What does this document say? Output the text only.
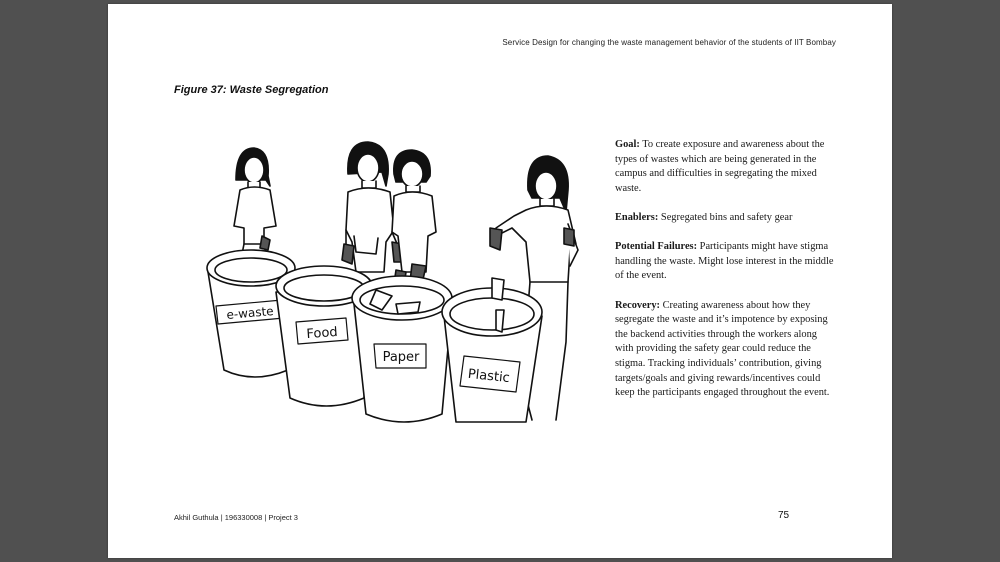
Service Design for changing the waste management behavior of the students of IIT Bombay
Figure 37: Waste Segregation
e-waste
Food
Paper
Plastic

Goal: To create exposure and awareness about the types of wastes which are being generated in the campus and difficulties in segregating the mixed waste.

Enablers: Segregated bins and safety gear

Potential Failures: Participants might have stigma handling the waste. Might lose interest in the middle of the event.

Recovery: Creating awareness about how they segregate the waste and it’s impotence by exposing the backend activities through the workers along with providing the safety gear could reduce the stigma. Tracking individuals’ contribution, giving targets/goals and giving rewards/incentives could keep the participants engaged throughout the event.

Akhil Guthula | 196330008 | Project 3	75
